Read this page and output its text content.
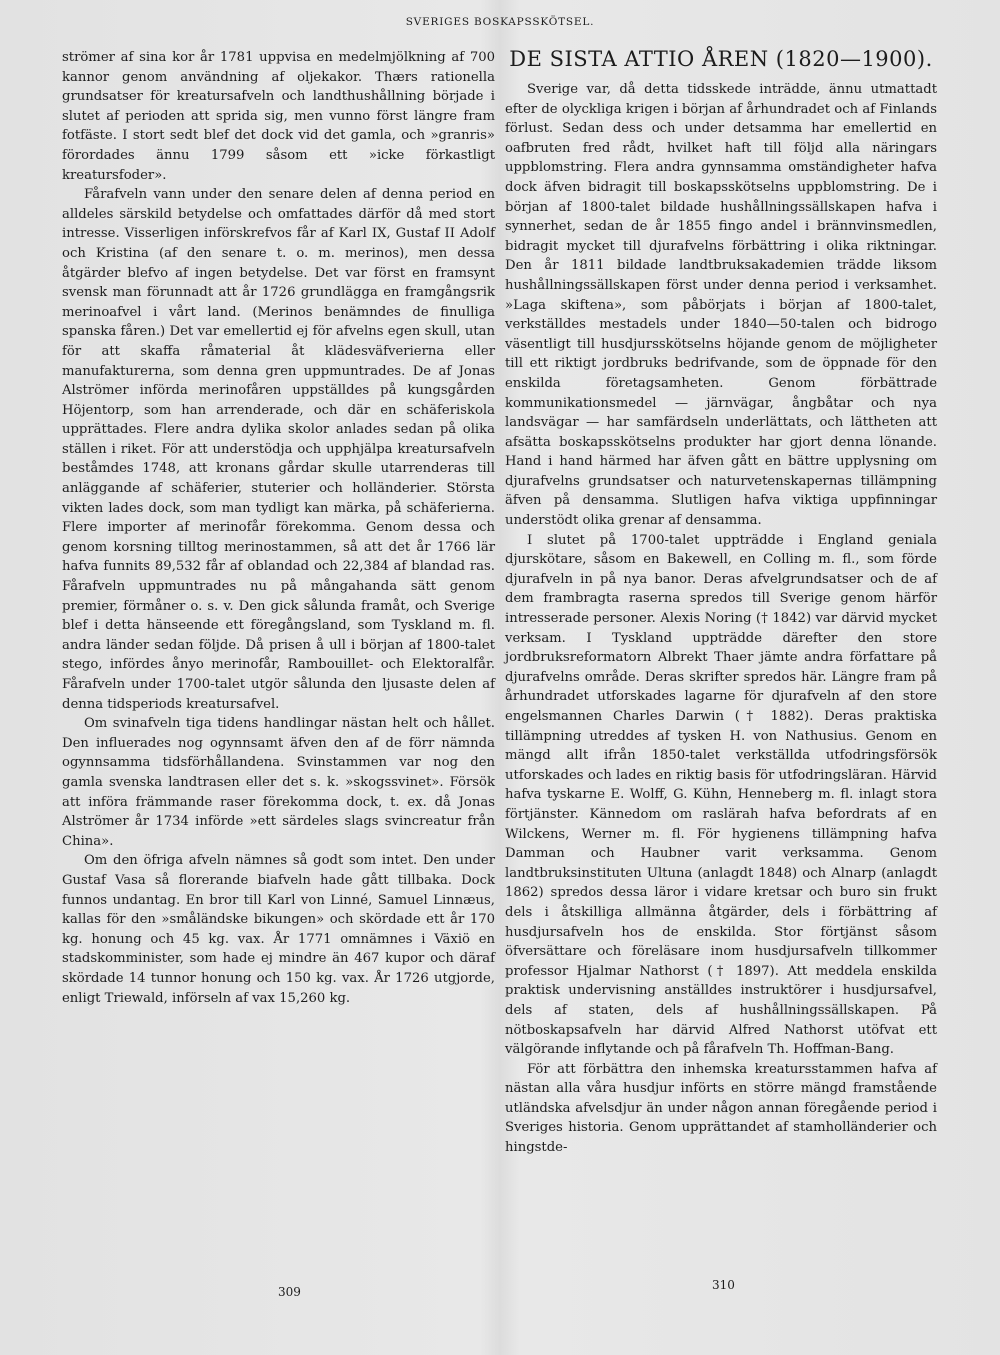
SVERIGES BOSKAPSSKÖTSEL.

strömer af sina kor år 1781 uppvisa en medelmjölkning af 700 kannor genom användning af oljekakor. Thærs rationella grundsatser för kreatursafveln och landthushållning började i slutet af perioden att sprida sig, men vunno först längre fram fotfäste. I stort sedt blef det dock vid det gamla, och »granris» förordades ännu 1799 såsom ett »icke förkastligt kreatursfoder».

Fårafveln vann under den senare delen af denna period en alldeles särskild betydelse och omfattades därför då med stort intresse. Visserligen införskrefvos får af Karl IX, Gustaf II Adolf och Kristina (af den senare t. o. m. merinos), men dessa åtgärder blefvo af ingen betydelse. Det var först en framsynt svensk man förunnadt att år 1726 grundlägga en framgångsrik merinoafvel i vårt land. (Merinos benämndes de finulliga spanska fåren.) Det var emellertid ej för afvelns egen skull, utan för att skaffa råmaterial åt klädesväfverierna eller manufakturerna, som denna gren uppmuntrades. De af Jonas Alströmer införda merinofåren uppställdes på kungsgården Höjentorp, som han arrenderade, och där en schäferiskola upprättades. Flere andra dylika skolor anlades sedan på olika ställen i riket. För att understödja och upphjälpa kreatursafveln beståmdes 1748, att kronans gårdar skulle utarrenderas till anläggande af schäferier, stuterier och holländerier. Största vikten lades dock, som man tydligt kan märka, på schäferierna. Flere importer af merinofår förekomma. Genom dessa och genom korsning tilltog merinostammen, så att det år 1766 lär hafva funnits 89,532 får af oblandad och 22,384 af blandad ras. Fårafveln uppmuntrades nu på mångahanda sätt genom premier, förmåner o. s. v. Den gick sålunda framåt, och Sverige blef i detta hänseende ett föregångsland, som Tyskland m. fl. andra länder sedan följde. Då prisen å ull i början af 1800-talet stego, infördes ånyo merinofår, Rambouillet- och Elektoralfår. Fårafveln under 1700-talet utgör sålunda den ljusaste delen af denna tidsperiods kreatursafvel.

Om svinafveln tiga tidens handlingar nästan helt och hållet. Den influerades nog ogynnsamt äfven den af de förr nämnda ogynnsamma tidsförhållandena. Svinstammen var nog den gamla svenska landtrasen eller det s. k. »skogssvinet». Försök att införa främmande raser förekomma dock, t. ex. då Jonas Alströmer år 1734 införde »ett särdeles slags svincreatur från China».

Om den öfriga afveln nämnes så godt som intet. Den under Gustaf Vasa så florerande biafveln hade gått tillbaka. Dock funnos undantag. En bror till Karl von Linné, Samuel Linnæus, kallas för den »småländske bikungen» och skördade ett år 170 kg. honung och 45 kg. vax. År 1771 omnämnes i Växiö en stadskomminister, som hade ej mindre än 467 kupor och däraf skördade 14 tunnor honung och 150 kg. vax. År 1726 utgjorde, enligt Triewald, införseln af vax 15,260 kg.

DE SISTA ATTIO ÅREN (1820—1900).

Sverige var, då detta tidsskede inträdde, ännu utmattadt efter de olyckliga krigen i början af århundradet och af Finlands förlust. Sedan dess och under detsamma har emellertid en oafbruten fred rådt, hvilket haft till följd alla näringars uppblomstring. Flera andra gynnsamma omständigheter hafva dock äfven bidragit till boskapsskötselns uppblomstring. De i början af 1800-talet bildade hushållningssällskapen hafva i synnerhet, sedan de år 1855 fingo andel i brännvinsmedlen, bidragit mycket till djurafvelns förbättring i olika riktningar. Den år 1811 bildade landtbruksakademien trädde liksom hushållningssällskapen först under denna period i verksamhet. »Laga skiftena», som påbörjats i början af 1800-talet, verkställdes mestadels under 1840—50-talen och bidrogo väsentligt till husdjursskötselns höjande genom de möjligheter till ett riktigt jordbruks bedrifvande, som de öppnade för den enskilda företagsamheten. Genom förbättrade kommunikationsmedel — järnvägar, ångbåtar och nya landsvägar — har samfärdseln underlättats, och lättheten att afsätta boskapsskötselns produkter har gjort denna lönande. Hand i hand härmed har äfven gått en bättre upplysning om djurafvelns grundsatser och naturvetenskapernas tillämpning äfven på densamma. Slutligen hafva viktiga uppfinningar understödt olika grenar af densamma.

I slutet på 1700-talet uppträdde i England geniala djurskötare, såsom en Bakewell, en Colling m. fl., som förde djurafveln in på nya banor. Deras afvelgrundsatser och de af dem frambragta raserna spredos till Sverige genom härför intresserade personer. Alexis Noring († 1842) var därvid mycket verksam. I Tyskland uppträdde därefter den store jordbruksreformatorn Albrekt Thaer jämte andra författare på djurafvelns område. Deras skrifter spredos här. Längre fram på århundradet utforskades lagarne för djurafveln af den store engelsmannen Charles Darwin († 1882). Deras praktiska tillämpning utreddes af tysken H. von Nathusius. Genom en mängd allt ifrån 1850-talet verkställda utfodringsförsök utforskades och lades en riktig basis för utfodringsläran. Härvid hafva tyskarne E. Wolff, G. Kühn, Henneberg m. fl. inlagt stora förtjänster. Kännedom om raslärah hafva befordrats af en Wilckens, Werner m. fl. För hygienens tillämpning hafva Damman och Haubner varit verksamma. Genom landtbruksinstituten Ultuna (anlagdt 1848) och Alnarp (anlagdt 1862) spredos dessa läror i vidare kretsar och buro sin frukt dels i åtskilliga allmänna åtgärder, dels i förbättring af husdjursafveln hos de enskilda. Stor förtjänst såsom öfversättare och föreläsare inom husdjursafveln tillkommer professor Hjalmar Nathorst († 1897). Att meddela enskilda praktisk undervisning anställdes instruktörer i husdjursafvel, dels af staten, dels af hushållningssällskapen. På nötboskapsafveln har därvid Alfred Nathorst utöfvat ett välgörande inflytande och på fårafveln Th. Hoffman-Bang.

För att förbättra den inhemska kreatursstammen hafva af nästan alla våra husdjur införts en större mängd framstående utländska afvelsdjur än under någon annan föregående period i Sveriges historia. Genom upprättandet af stamholländerier och hingstde-

309	310
